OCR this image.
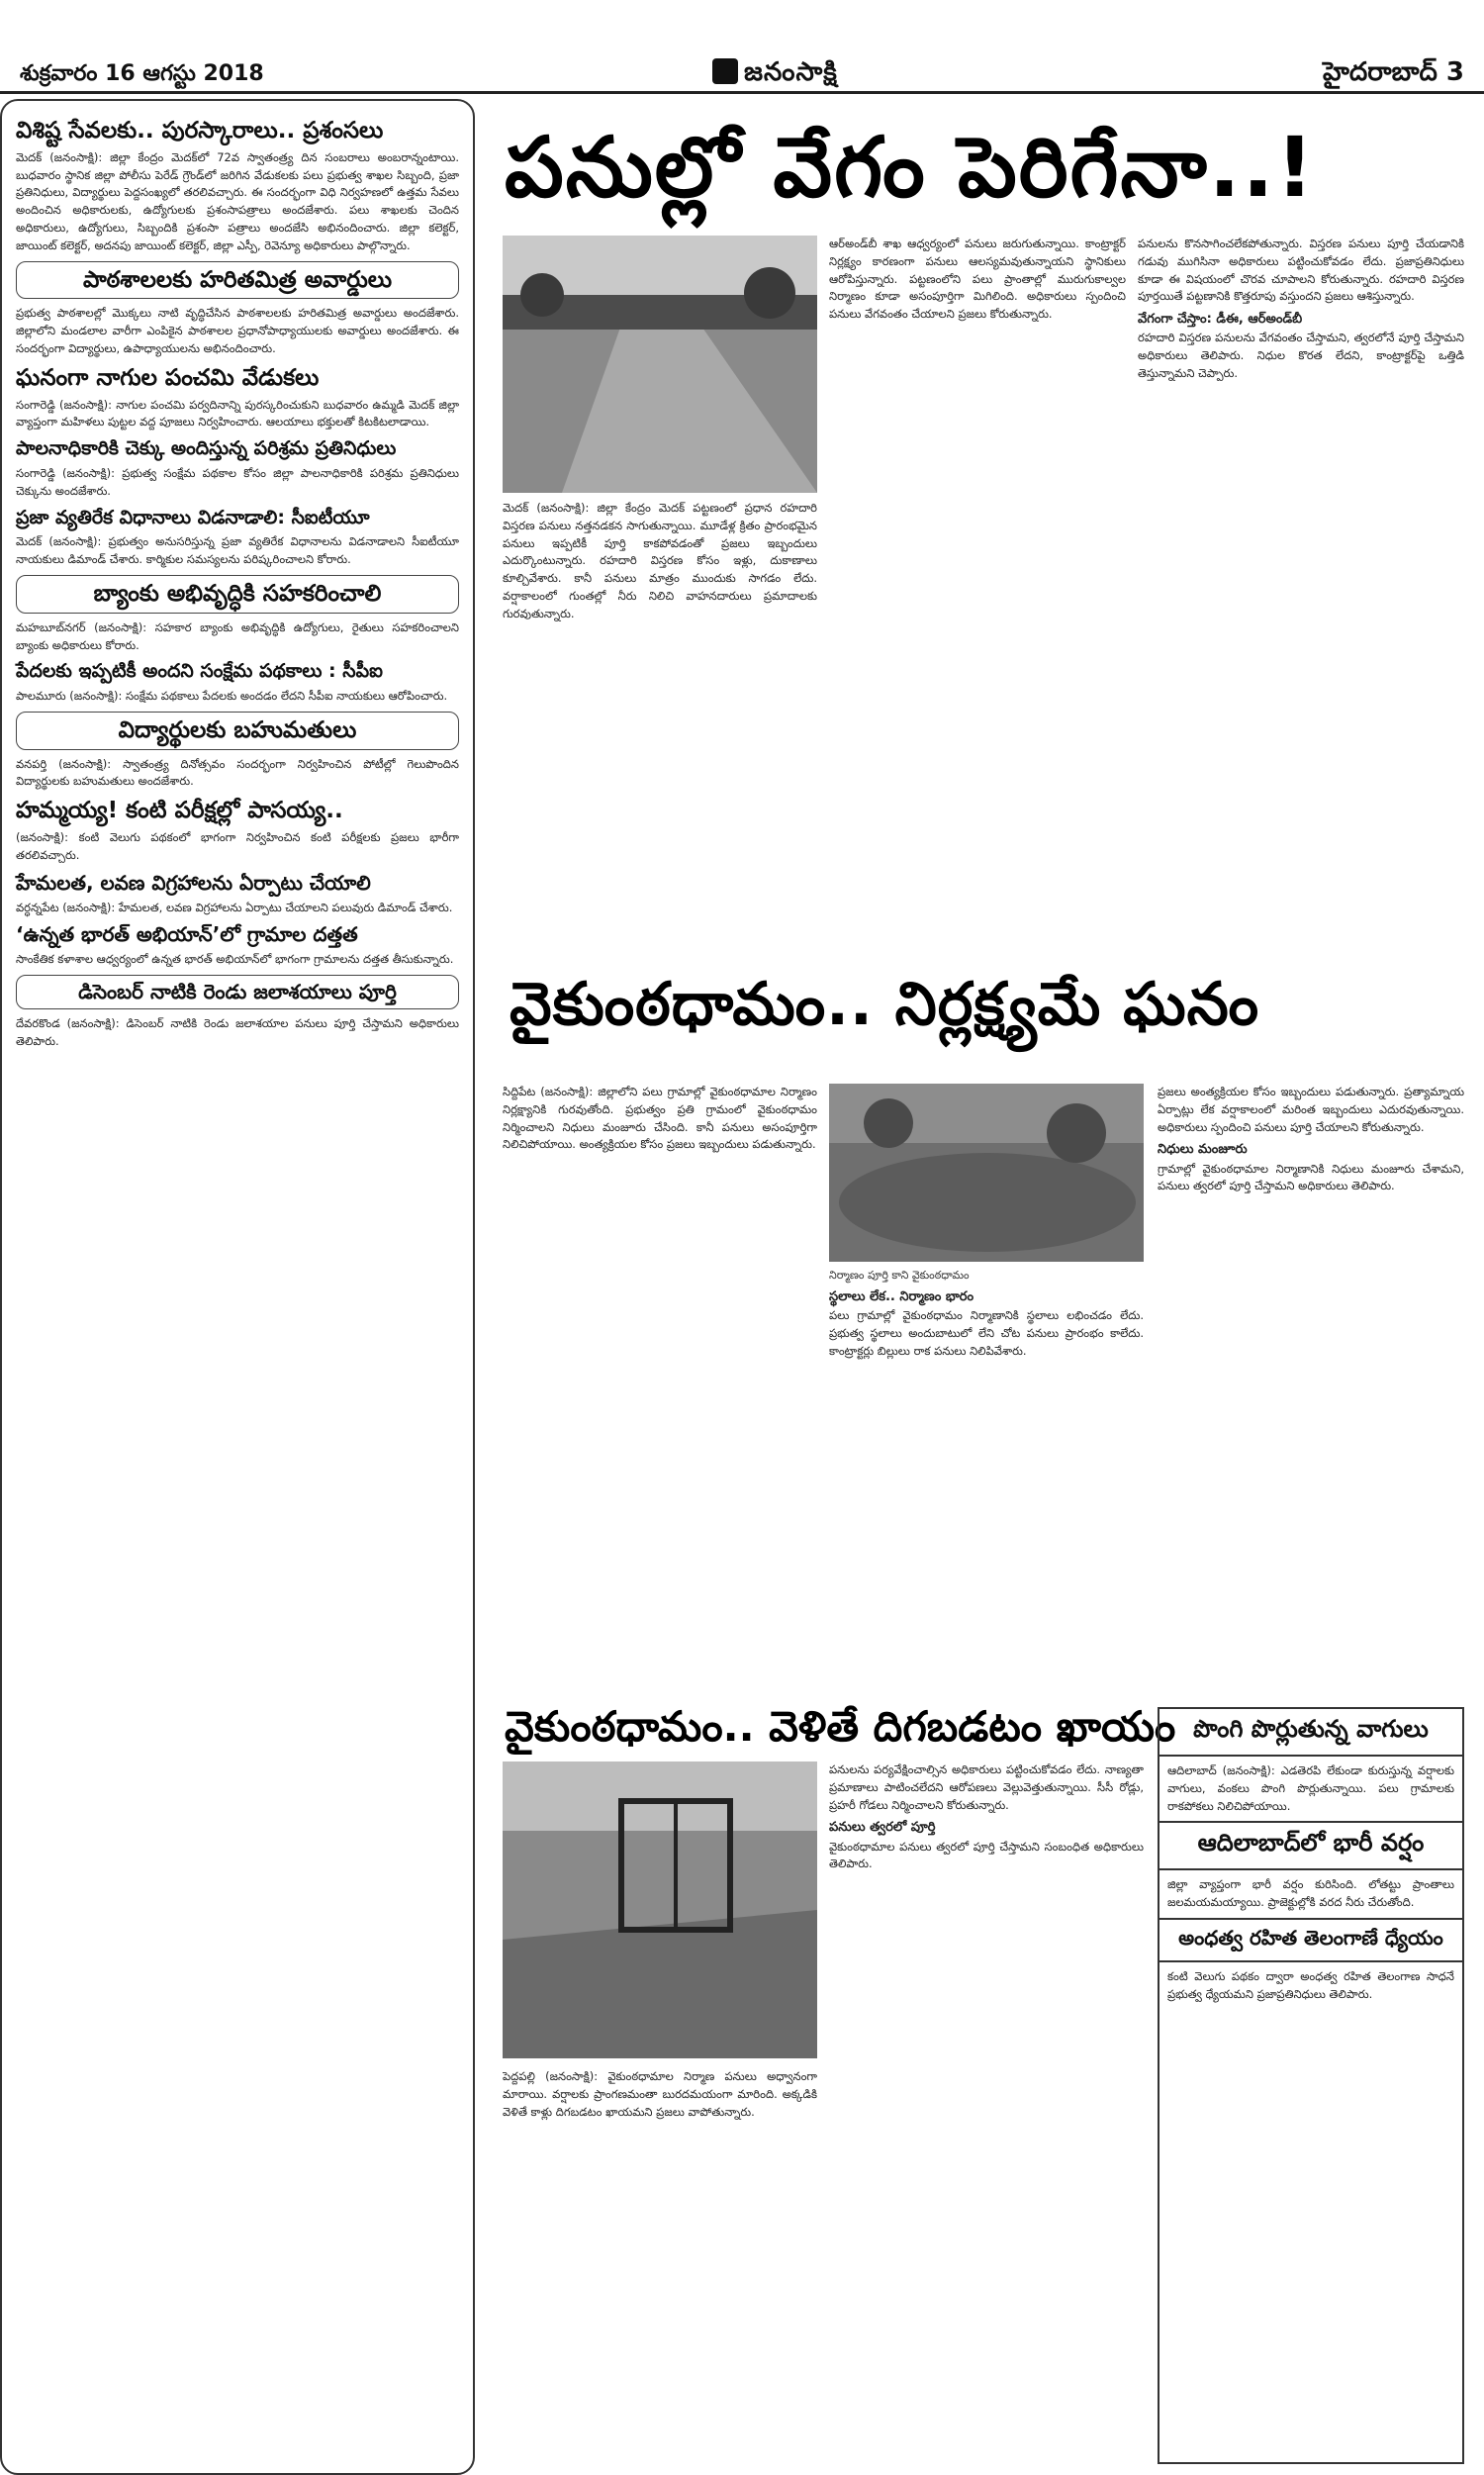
శుక్రవారం 16 ఆగస్టు 2018	జనంసాక్షి	హైదరాబాద్ 3
విశిష్ట సేవలకు.. పురస్కారాలు.. ప్రశంసలు
మెదక్ (జనంసాక్షి): జిల్లా కేంద్రం మెదక్‌లో 72వ స్వాతంత్ర్య దిన సంబరాలు అంబరాన్నంటాయి. బుధవారం స్థానిక జిల్లా పోలీసు పెరేడ్ గ్రౌండ్‌లో జరిగిన వేడుకలకు పలు ప్రభుత్వ శాఖల సిబ్బంది, ప్రజా ప్రతినిధులు, విద్యార్థులు పెద్దసంఖ్యలో తరలివచ్చారు. ఈ సందర్భంగా విధి నిర్వహణలో ఉత్తమ సేవలు అందించిన అధికారులకు, ఉద్యోగులకు ప్రశంసాపత్రాలు అందజేశారు. పలు శాఖలకు చెందిన అధికారులు, ఉద్యోగులు, సిబ్బందికి ప్రశంసా పత్రాలు అందజేసి అభినందించారు. జిల్లా కలెక్టర్, జాయింట్ కలెక్టర్, అదనపు జాయింట్ కలెక్టర్, జిల్లా ఎస్పీ, రెవెన్యూ అధికారులు పాల్గొన్నారు.
పాఠశాలలకు హరితమిత్ర అవార్డులు
ప్రభుత్వ పాఠశాలల్లో మొక్కలు నాటి వృద్ధిచేసిన పాఠశాలలకు హరితమిత్ర అవార్డులు అందజేశారు. జిల్లాలోని మండలాల వారీగా ఎంపికైన పాఠశాలల ప్రధానోపాధ్యాయులకు అవార్డులు అందజేశారు. ఈ సందర్భంగా విద్యార్థులు, ఉపాధ్యాయులను అభినందించారు.
ఘనంగా నాగుల పంచమి వేడుకలు
సంగారెడ్డి (జనంసాక్షి): నాగుల పంచమి పర్వదినాన్ని పురస్కరించుకుని బుధవారం ఉమ్మడి మెదక్ జిల్లా వ్యాప్తంగా మహిళలు పుట్టల వద్ద పూజలు నిర్వహించారు. ఆలయాలు భక్తులతో కిటకిటలాడాయి.
పాలనాధికారికి చెక్కు అందిస్తున్న పరిశ్రమ ప్రతినిధులు
సంగారెడ్డి (జనంసాక్షి): ప్రభుత్వ సంక్షేమ పథకాల కోసం జిల్లా పాలనాధికారికి పరిశ్రమ ప్రతినిధులు చెక్కును అందజేశారు.
ప్రజా వ్యతిరేక విధానాలు విడనాడాలి: సీఐటీయూ
మెదక్ (జనంసాక్షి): ప్రభుత్వం అనుసరిస్తున్న ప్రజా వ్యతిరేక విధానాలను విడనాడాలని సీఐటీయూ నాయకులు డిమాండ్ చేశారు. కార్మికుల సమస్యలను పరిష్కరించాలని కోరారు.
బ్యాంకు అభివృద్ధికి సహకరించాలి
మహబూబ్‌నగర్ (జనంసాక్షి): సహకార బ్యాంకు అభివృద్ధికి ఉద్యోగులు, రైతులు సహకరించాలని బ్యాంకు అధికారులు కోరారు.
పేదలకు ఇప్పటికీ అందని సంక్షేమ పథకాలు : సీపీఐ
పాలమూరు (జనంసాక్షి): సంక్షేమ పథకాలు పేదలకు అందడం లేదని సీపీఐ నాయకులు ఆరోపించారు.
విద్యార్థులకు బహుమతులు
వనపర్తి (జనంసాక్షి): స్వాతంత్ర్య దినోత్సవం సందర్భంగా నిర్వహించిన పోటీల్లో గెలుపొందిన విద్యార్థులకు బహుమతులు అందజేశారు.
హమ్మయ్య! కంటి పరీక్షల్లో పాసయ్య..
(జనంసాక్షి): కంటి వెలుగు పథకంలో భాగంగా నిర్వహించిన కంటి పరీక్షలకు ప్రజలు భారీగా తరలివచ్చారు.
హేమలత, లవణ విగ్రహాలను ఏర్పాటు చేయాలి
వర్ధన్నపేట (జనంసాక్షి): హేమలత, లవణ విగ్రహాలను ఏర్పాటు చేయాలని పలువురు డిమాండ్ చేశారు.
‘ఉన్నత భారత్ అభియాన్’లో గ్రామాల దత్తత
సాంకేతిక కళాశాల ఆధ్వర్యంలో ఉన్నత భారత్ అభియాన్‌లో భాగంగా గ్రామాలను దత్తత తీసుకున్నారు.
డిసెంబర్ నాటికి రెండు జలాశయాలు పూర్తి
దేవరకొండ (జనంసాక్షి): డిసెంబర్ నాటికి రెండు జలాశయాల పనులు పూర్తి చేస్తామని అధికారులు తెలిపారు.
పనుల్లో వేగం పెరిగేనా..!
మెదక్ (జనంసాక్షి): జిల్లా కేంద్రం మెదక్ పట్టణంలో ప్రధాన రహదారి విస్తరణ పనులు నత్తనడకన సాగుతున్నాయి. మూడేళ్ల క్రితం ప్రారంభమైన పనులు ఇప్పటికీ పూర్తి కాకపోవడంతో ప్రజలు ఇబ్బందులు ఎదుర్కొంటున్నారు. రహదారి విస్తరణ కోసం ఇళ్లు, దుకాణాలు కూల్చివేశారు. కానీ పనులు మాత్రం ముందుకు సాగడం లేదు. వర్షాకాలంలో గుంతల్లో నీరు నిలిచి వాహనదారులు ప్రమాదాలకు గురవుతున్నారు.
ఆర్‌అండ్‌బీ శాఖ ఆధ్వర్యంలో పనులు జరుగుతున్నాయి. కాంట్రాక్టర్ నిర్లక్ష్యం కారణంగా పనులు ఆలస్యమవుతున్నాయని స్థానికులు ఆరోపిస్తున్నారు. పట్టణంలోని పలు ప్రాంతాల్లో మురుగుకాల్వల నిర్మాణం కూడా అసంపూర్తిగా మిగిలింది. అధికారులు స్పందించి పనులు వేగవంతం చేయాలని ప్రజలు కోరుతున్నారు.
పనులను కొనసాగించలేకపోతున్నారు. విస్తరణ పనులు పూర్తి చేయడానికి గడువు ముగిసినా అధికారులు పట్టించుకోవడం లేదు. ప్రజాప్రతినిధులు కూడా ఈ విషయంలో చొరవ చూపాలని కోరుతున్నారు. రహదారి విస్తరణ పూర్తయితే పట్టణానికి కొత్తరూపు వస్తుందని ప్రజలు ఆశిస్తున్నారు.
వేగంగా చేస్తాం: డీఈ, ఆర్‌అండ్‌బీ
రహదారి విస్తరణ పనులను వేగవంతం చేస్తామని, త్వరలోనే పూర్తి చేస్తామని అధికారులు తెలిపారు. నిధుల కొరత లేదని, కాంట్రాక్టర్‌పై ఒత్తిడి తెస్తున్నామని చెప్పారు.
వైకుంఠధామం.. నిర్లక్ష్యమే ఘనం
సిద్దిపేట (జనంసాక్షి): జిల్లాలోని పలు గ్రామాల్లో వైకుంఠధామాల నిర్మాణం నిర్లక్ష్యానికి గురవుతోంది. ప్రభుత్వం ప్రతి గ్రామంలో వైకుంఠధామం నిర్మించాలని నిధులు మంజూరు చేసింది. కానీ పనులు అసంపూర్తిగా నిలిచిపోయాయి. అంత్యక్రియల కోసం ప్రజలు ఇబ్బందులు పడుతున్నారు.
నిర్మాణం పూర్తి కాని వైకుంఠధామం
స్థలాలు లేక.. నిర్మాణం భారం
పలు గ్రామాల్లో వైకుంఠధామం నిర్మాణానికి స్థలాలు లభించడం లేదు. ప్రభుత్వ స్థలాలు అందుబాటులో లేని చోట పనులు ప్రారంభం కాలేదు. కాంట్రాక్టర్లు బిల్లులు రాక పనులు నిలిపివేశారు.
ప్రజలు అంత్యక్రియల కోసం ఇబ్బందులు పడుతున్నారు. ప్రత్యామ్నాయ ఏర్పాట్లు లేక వర్షాకాలంలో మరింత ఇబ్బందులు ఎదురవుతున్నాయి. అధికారులు స్పందించి పనులు పూర్తి చేయాలని కోరుతున్నారు.
నిధులు మంజూరు
గ్రామాల్లో వైకుంఠధామాల నిర్మాణానికి నిధులు మంజూరు చేశామని, పనులు త్వరలో పూర్తి చేస్తామని అధికారులు తెలిపారు.
వైకుంఠధామం.. వెళితే దిగబడటం ఖాయం
పెద్దపల్లి (జనంసాక్షి): వైకుంఠధామాల నిర్మాణ పనులు అధ్వానంగా మారాయి. వర్షాలకు ప్రాంగణమంతా బురదమయంగా మారింది. అక్కడికి వెళితే కాళ్లు దిగబడటం ఖాయమని ప్రజలు వాపోతున్నారు.
పనులను పర్యవేక్షించాల్సిన అధికారులు పట్టించుకోవడం లేదు. నాణ్యతా ప్రమాణాలు పాటించలేదని ఆరోపణలు వెల్లువెత్తుతున్నాయి. సీసీ రోడ్లు, ప్రహరీ గోడలు నిర్మించాలని కోరుతున్నారు.
పనులు త్వరలో పూర్తి
వైకుంఠధామాల పనులు త్వరలో పూర్తి చేస్తామని సంబంధిత అధికారులు తెలిపారు.
పొంగి పొర్లుతున్న వాగులు
ఆదిలాబాద్ (జనంసాక్షి): ఎడతెరపి లేకుండా కురుస్తున్న వర్షాలకు వాగులు, వంకలు పొంగి పొర్లుతున్నాయి. పలు గ్రామాలకు రాకపోకలు నిలిచిపోయాయి.
ఆదిలాబాద్‌లో భారీ వర్షం
జిల్లా వ్యాప్తంగా భారీ వర్షం కురిసింది. లోతట్టు ప్రాంతాలు జలమయమయ్యాయి. ప్రాజెక్టుల్లోకి వరద నీరు చేరుతోంది.
అంధత్వ రహిత తెలంగాణే ధ్యేయం
కంటి వెలుగు పథకం ద్వారా అంధత్వ రహిత తెలంగాణ సాధనే ప్రభుత్వ ధ్యేయమని ప్రజాప్రతినిధులు తెలిపారు.
